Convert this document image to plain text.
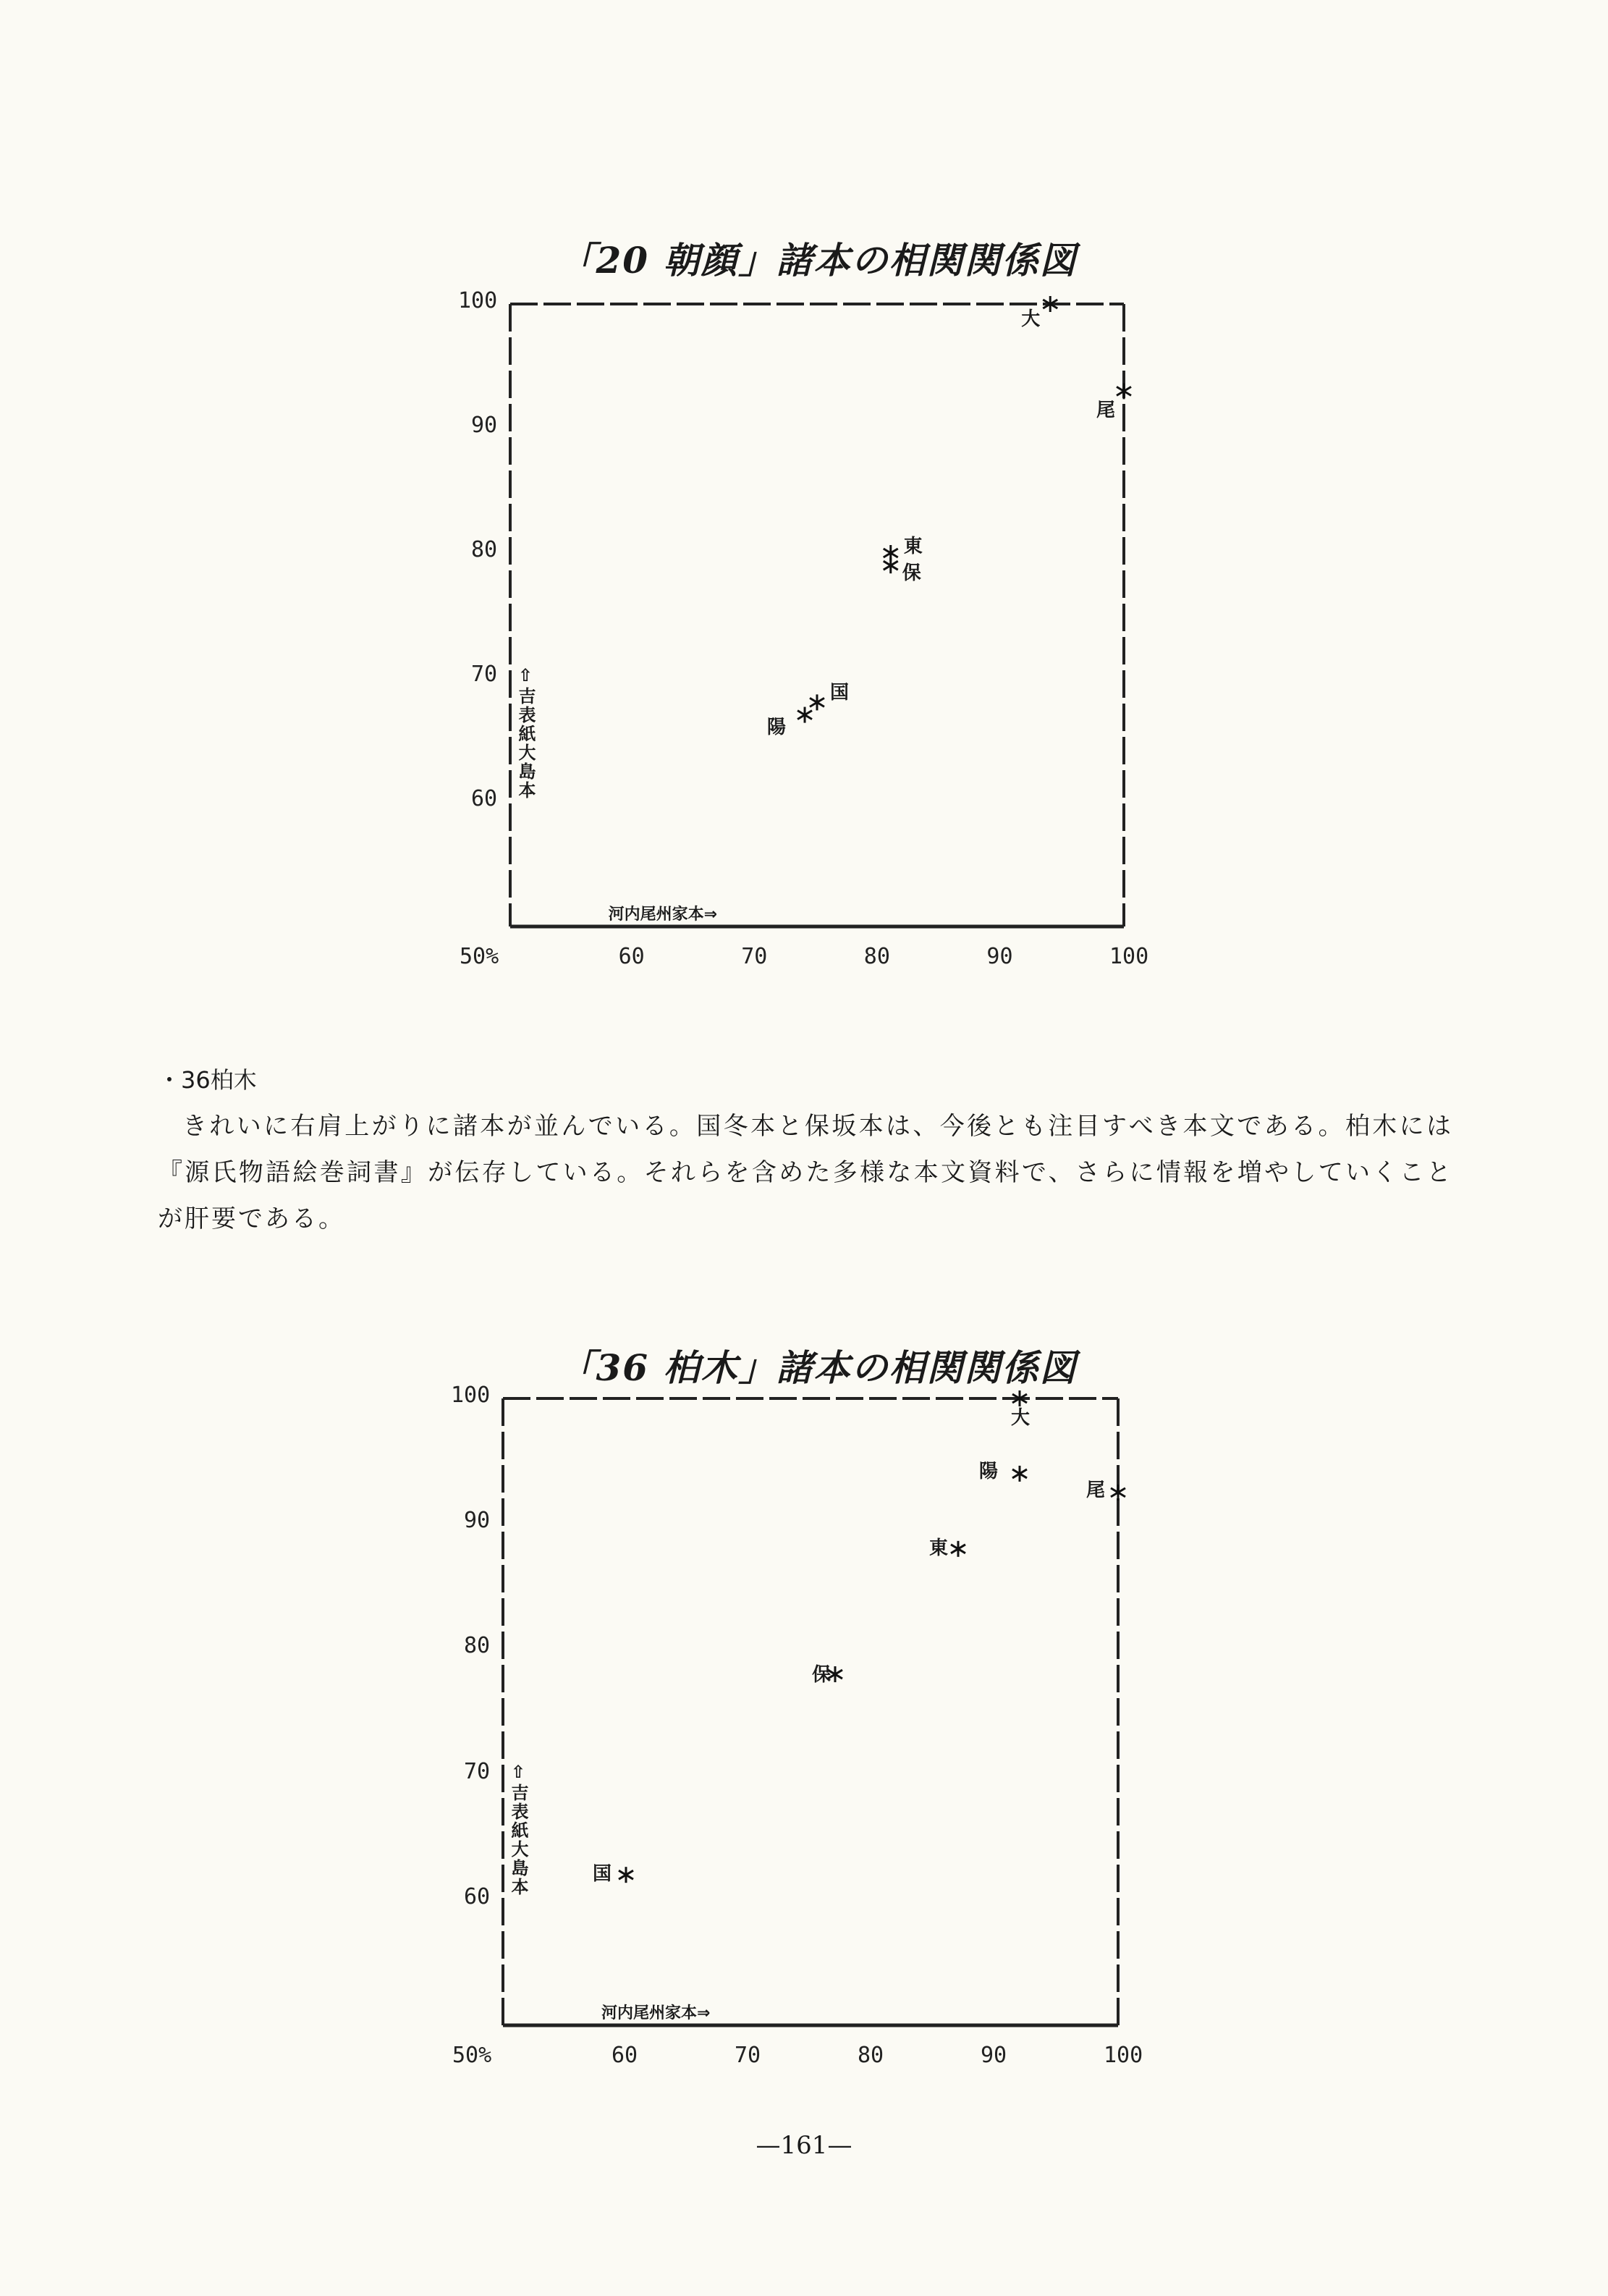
「20 朝顔」諸本の相関関係図
50%	60	70	80	90	100
100
90
80
70
60
河内尾州家本⇒
⇧吉表紙大島本
大
尾
東
保
国
陽
・36柏木
きれいに右肩上がりに諸本が並んでいる。国冬本と保坂本は、今後とも注目すべき本文である。柏木には『源氏物語絵巻詞書』が伝存している。それらを含めた多様な本文資料で、さらに情報を増やしていくことが肝要である。
「36 柏木」諸本の相関関係図
50%	60	70	80	90	100
100
90
80
70
60
河内尾州家本⇒
⇧吉表紙大島本
大
陽
尾
東
保
国
—161—
